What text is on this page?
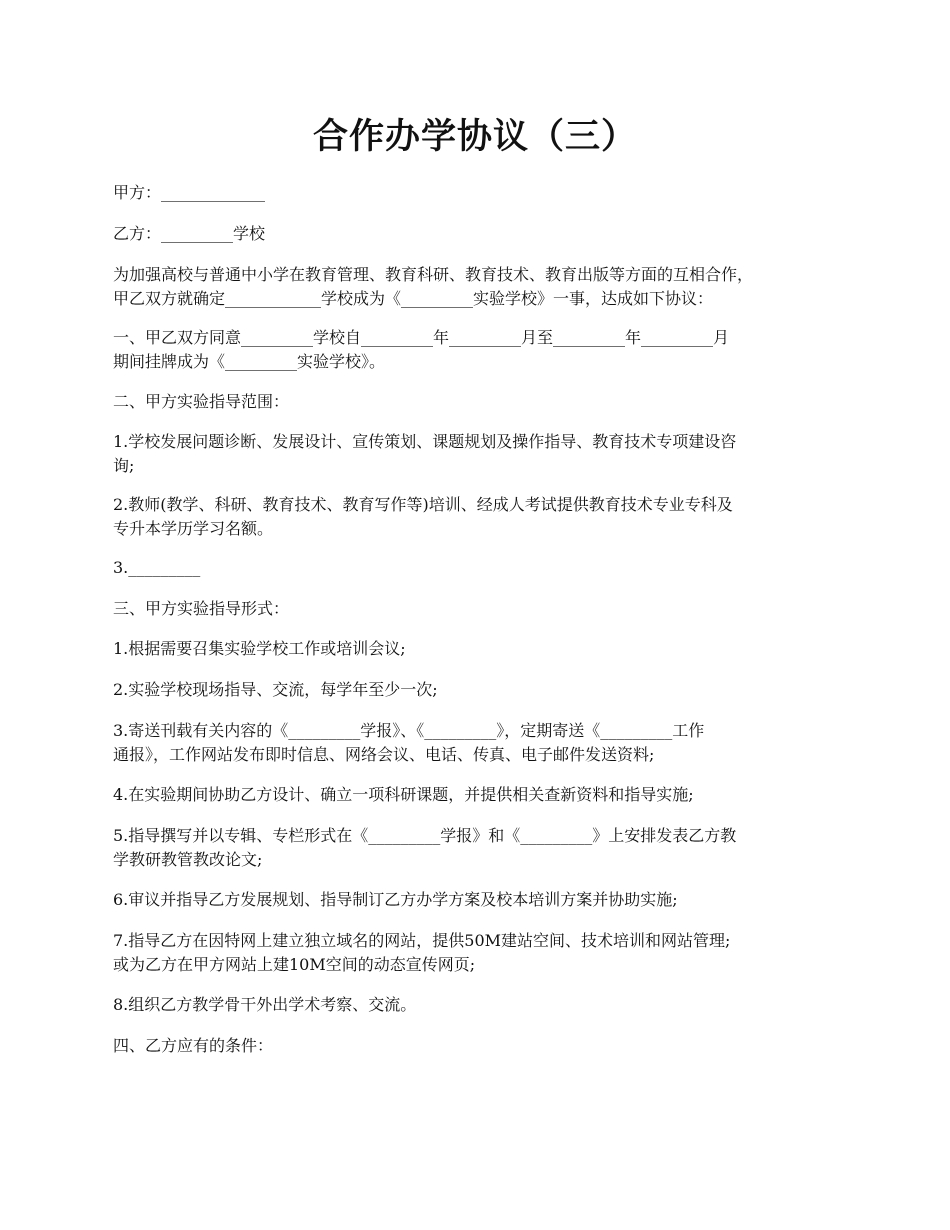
合作办学协议（三）

甲方：_____________

乙方：_________学校

为加强高校与普通中小学在教育管理、教育科研、教育技术、教育出版等方面的互相合作，
甲乙双方就确定____________学校成为《_________实验学校》一事，达成如下协议：

一、甲乙双方同意_________学校自_________年_________月至_________年_________月
期间挂牌成为《_________实验学校》。

二、甲方实验指导范围：

1.学校发展问题诊断、发展设计、宣传策划、课题规划及操作指导、教育技术专项建设咨
询;

2.教师(教学、科研、教育技术、教育写作等)培训、经成人考试提供教育技术专业专科及
专升本学历学习名额。

3._________

三、甲方实验指导形式：

1.根据需要召集实验学校工作或培训会议;

2.实验学校现场指导、交流，每学年至少一次;

3.寄送刊载有关内容的《_________学报》、《_________》，定期寄送《_________工作
通报》，工作网站发布即时信息、网络会议、电话、传真、电子邮件发送资料;

4.在实验期间协助乙方设计、确立一项科研课题，并提供相关查新资料和指导实施;

5.指导撰写并以专辑、专栏形式在《_________学报》和《_________》上安排发表乙方教
学教研教管教改论文;

6.审议并指导乙方发展规划、指导制订乙方办学方案及校本培训方案并协助实施;

7.指导乙方在因特网上建立独立域名的网站，提供50M建站空间、技术培训和网站管理;
或为乙方在甲方网站上建10M空间的动态宣传网页;

8.组织乙方教学骨干外出学术考察、交流。

四、乙方应有的条件：
